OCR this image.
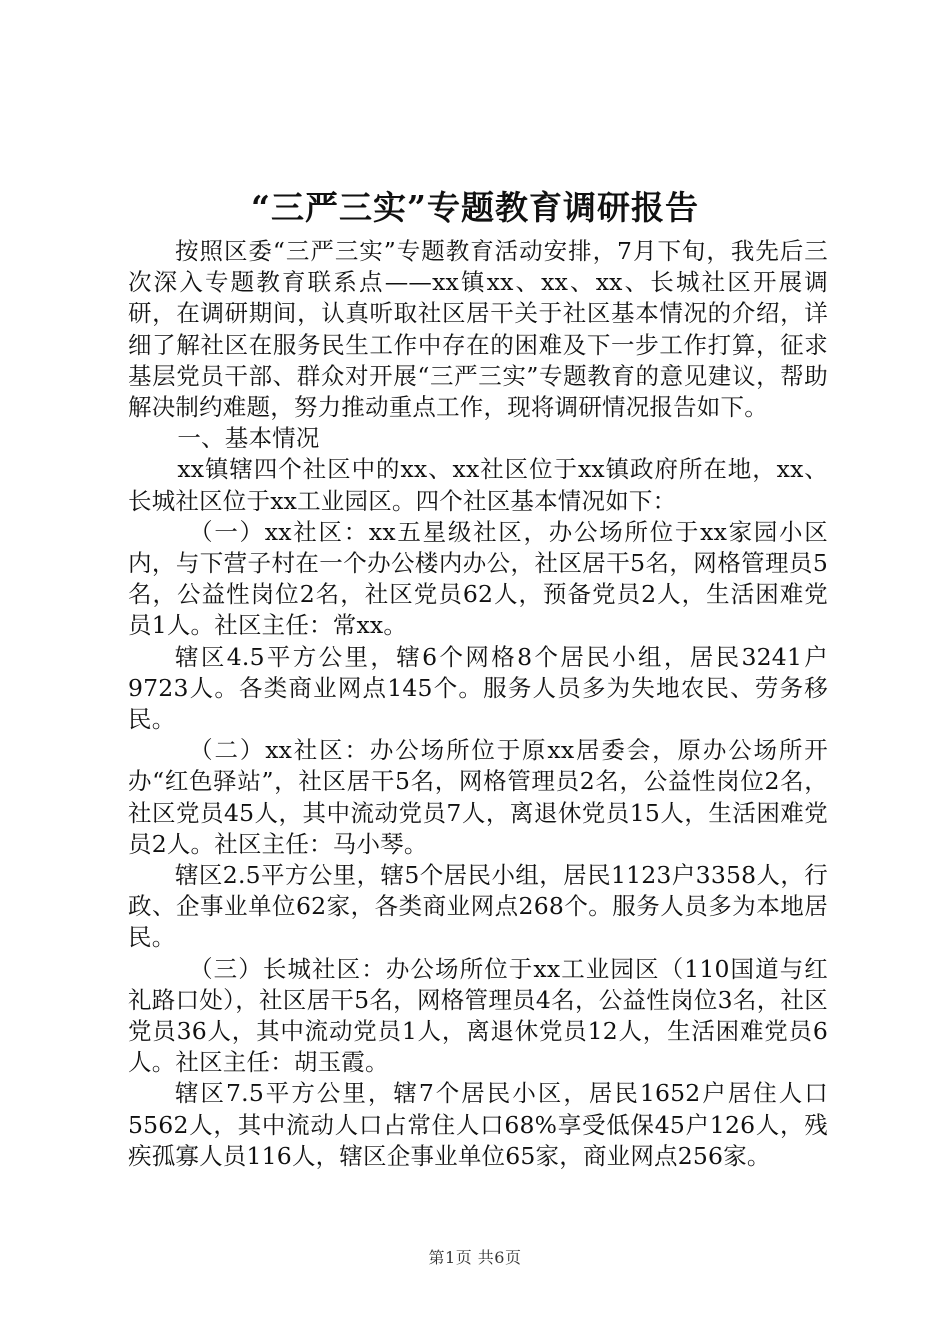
“三严三实”专题教育调研报告

按照区委“三严三实”专题教育活动安排，7月下旬，我先后三次深入专题教育联系点——xx镇xx、xx、xx、长城社区开展调研，在调研期间，认真听取社区居干关于社区基本情况的介绍，详细了解社区在服务民生工作中存在的困难及下一步工作打算，征求基层党员干部、群众对开展“三严三实”专题教育的意见建议，帮助解决制约难题，努力推动重点工作，现将调研情况报告如下。

一、基本情况

xx镇辖四个社区中的xx、xx社区位于xx镇政府所在地，xx、长城社区位于xx工业园区。四个社区基本情况如下：

（一）xx社区：xx五星级社区，办公场所位于xx家园小区内，与下营子村在一个办公楼内办公，社区居干5名，网格管理员5名，公益性岗位2名，社区党员62人，预备党员2人，生活困难党员1人。社区主任：常xx。

辖区4.5平方公里，辖6个网格8个居民小组，居民3241户9723人。各类商业网点145个。服务人员多为失地农民、劳务移民。

（二）xx社区：办公场所位于原xx居委会，原办公场所开办“红色驿站”，社区居干5名，网格管理员2名，公益性岗位2名，社区党员45人，其中流动党员7人，离退休党员15人，生活困难党员2人。社区主任：马小琴。

辖区2.5平方公里，辖5个居民小组，居民1123户3358人，行政、企事业单位62家，各类商业网点268个。服务人员多为本地居民。

（三）长城社区：办公场所位于xx工业园区（110国道与红礼路口处），社区居干5名，网格管理员4名，公益性岗位3名，社区党员36人，其中流动党员1人，离退休党员12人，生活困难党员6人。社区主任：胡玉霞。

辖区7.5平方公里，辖7个居民小区，居民1652户居住人口5562人，其中流动人口占常住人口68%享受低保45户126人，残疾孤寡人员116人，辖区企事业单位65家，商业网点256家。

第1页 共6页
